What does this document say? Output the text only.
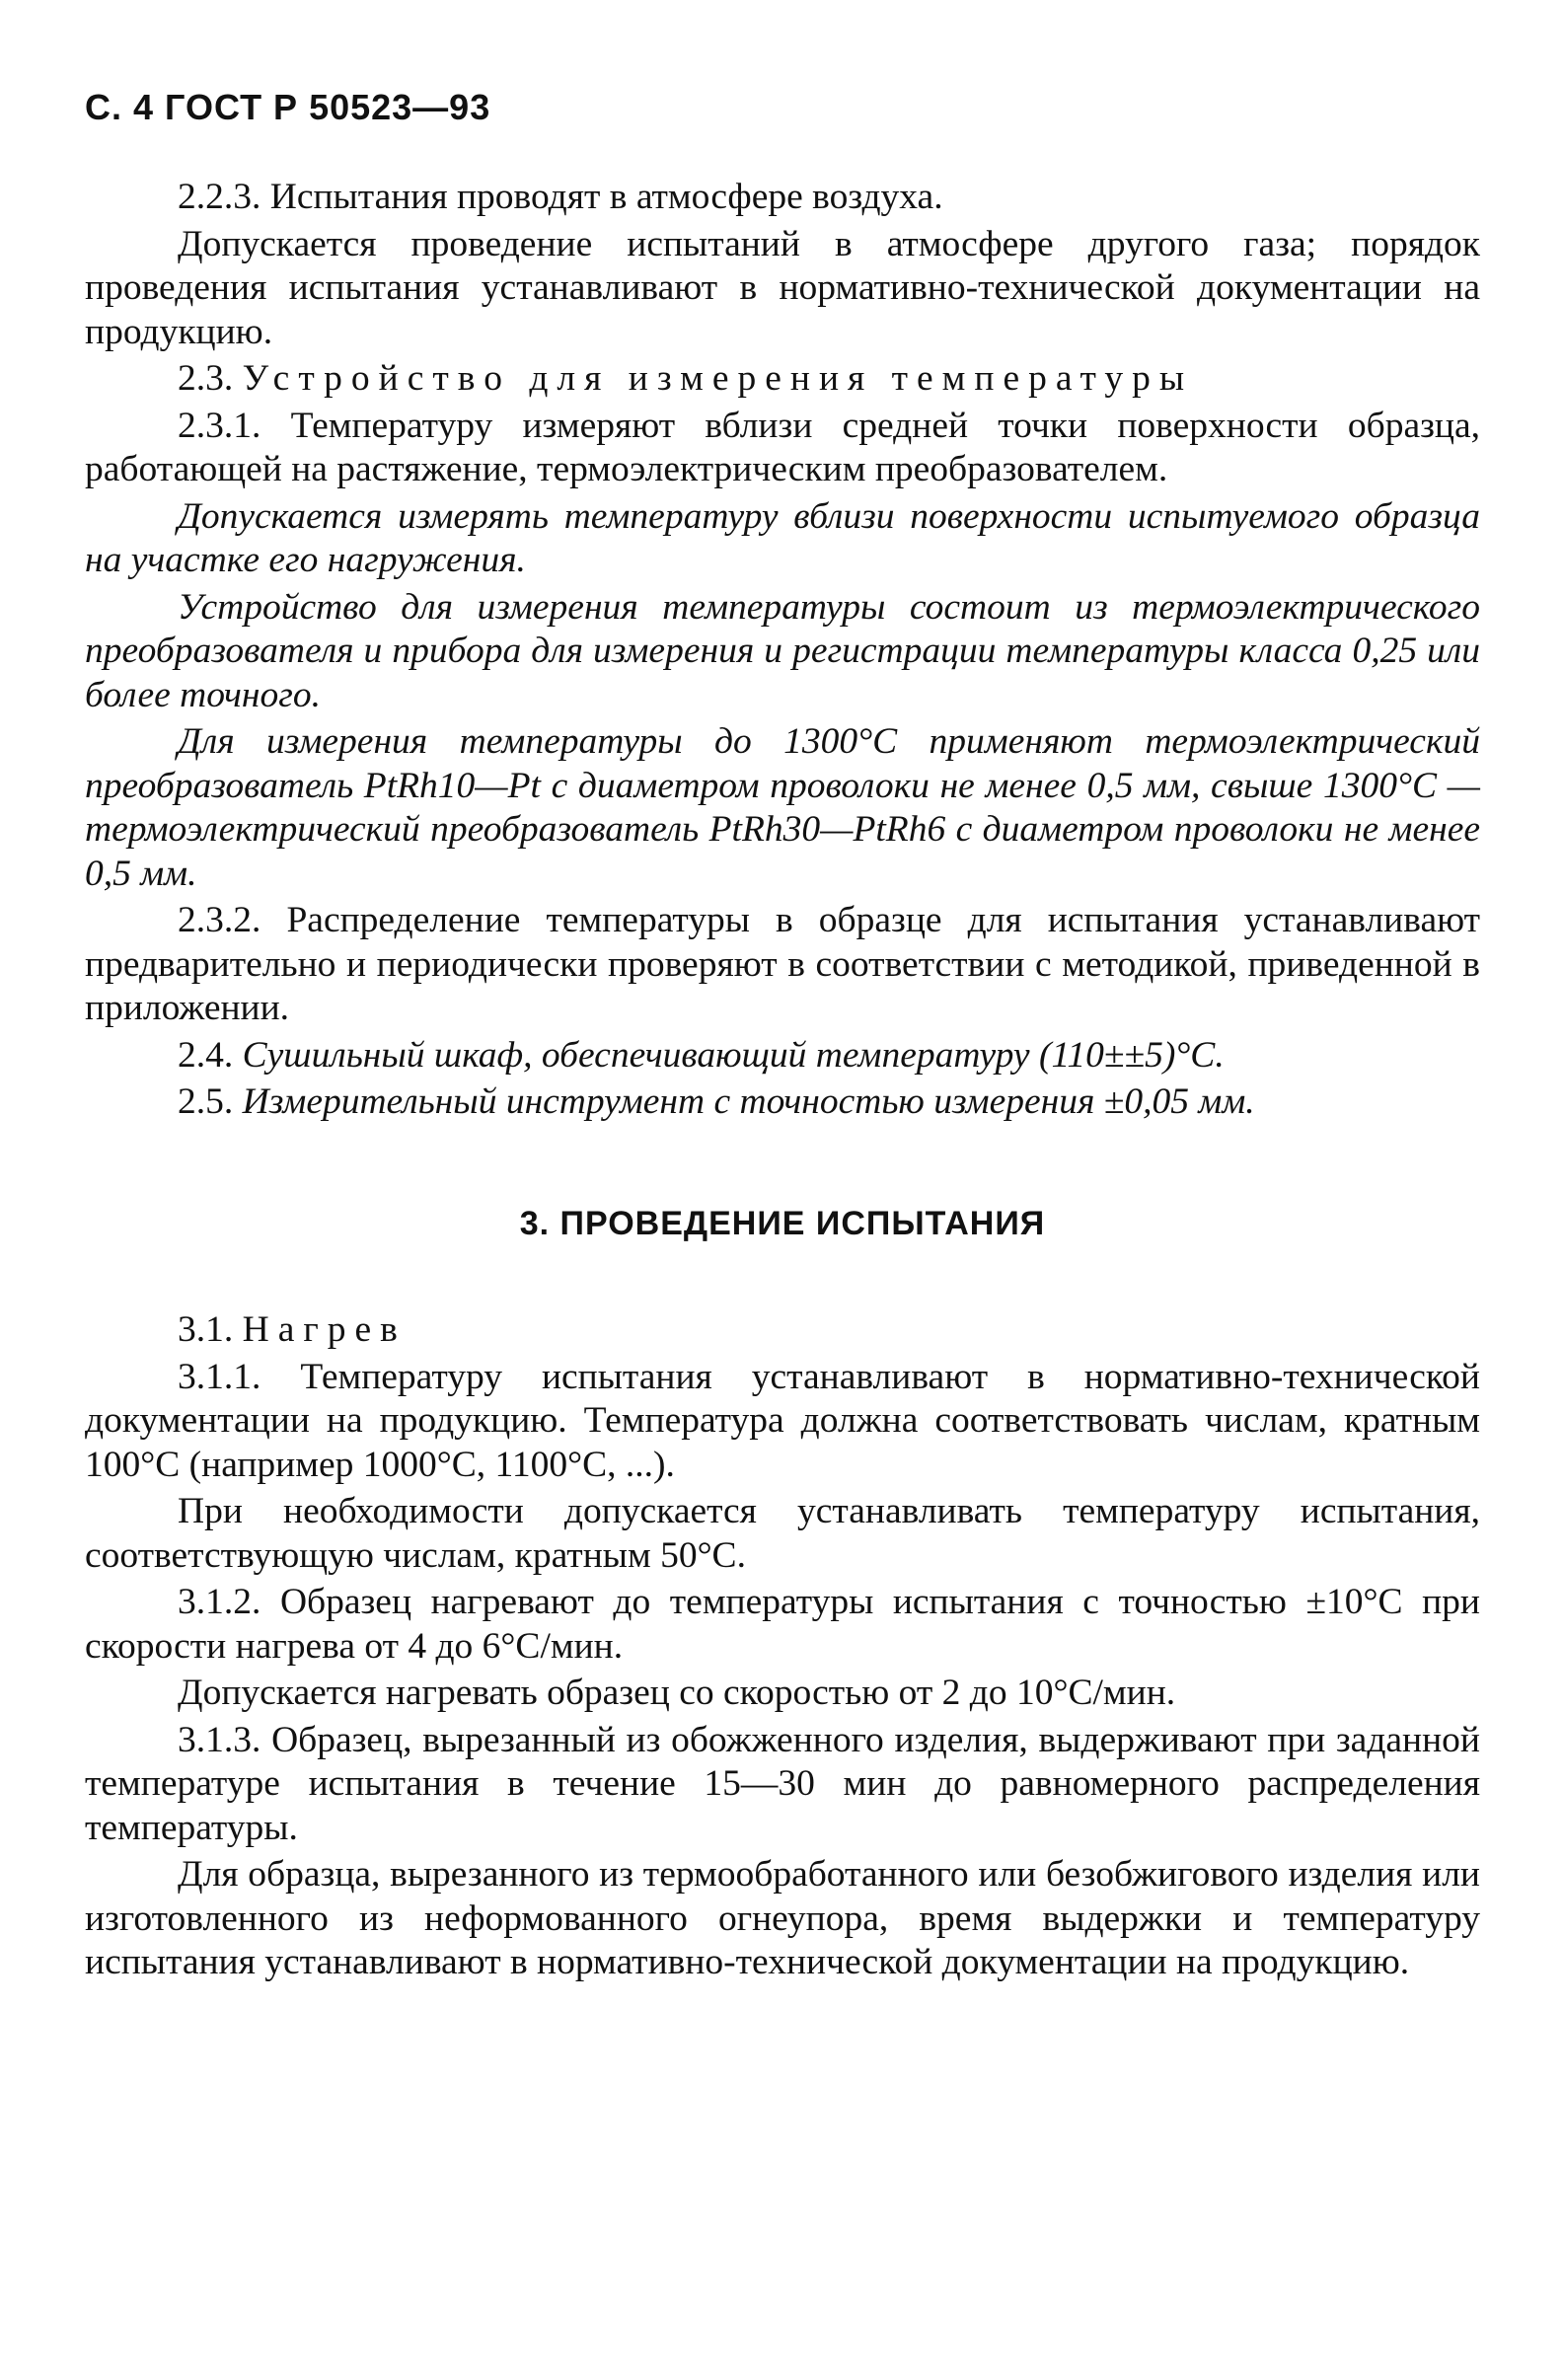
С. 4 ГОСТ Р 50523—93

2.2.3. Испытания проводят в атмосфере воздуха.

Допускается проведение испытаний в атмосфере другого газа; порядок проведения испытания устанавливают в нормативно-технической документации на продукцию.

2.3. Устройство для измерения температуры

2.3.1. Температуру измеряют вблизи средней точки поверхности образца, работающей на растяжение, термоэлектрическим преобразователем.

Допускается измерять температуру вблизи поверхности испытуемого образца на участке его нагружения.

Устройство для измерения температуры состоит из термоэлектрического преобразователя и прибора для измерения и регистрации температуры класса 0,25 или более точного.

Для измерения температуры до 1300°С применяют термоэлектрический преобразователь PtRh10—Pt с диаметром проволоки не менее 0,5 мм, свыше 1300°С — термоэлектрический преобразователь PtRh30—PtRh6 с диаметром проволоки не менее 0,5 мм.

2.3.2. Распределение температуры в образце для испытания устанавливают предварительно и периодически проверяют в соответствии с методикой, приведенной в приложении.

2.4. Сушильный шкаф, обеспечивающий температуру (110±±5)°С.

2.5. Измерительный инструмент с точностью измерения ±0,05 мм.

3. ПРОВЕДЕНИЕ ИСПЫТАНИЯ

3.1. Нагрев

3.1.1. Температуру испытания устанавливают в нормативно-технической документации на продукцию. Температура должна соответствовать числам, кратным 100°С (например 1000°С, 1100°С, ...).

При необходимости допускается устанавливать температуру испытания, соответствующую числам, кратным 50°С.

3.1.2. Образец нагревают до температуры испытания с точностью ±10°С при скорости нагрева от 4 до 6°С/мин.

Допускается нагревать образец со скоростью от 2 до 10°С/мин.

3.1.3. Образец, вырезанный из обожженного изделия, выдерживают при заданной температуре испытания в течение 15—30 мин до равномерного распределения температуры.

Для образца, вырезанного из термообработанного или безобжигового изделия или изготовленного из неформованного огнеупора, время выдержки и температуру испытания устанавливают в нормативно-технической документации на продукцию.
